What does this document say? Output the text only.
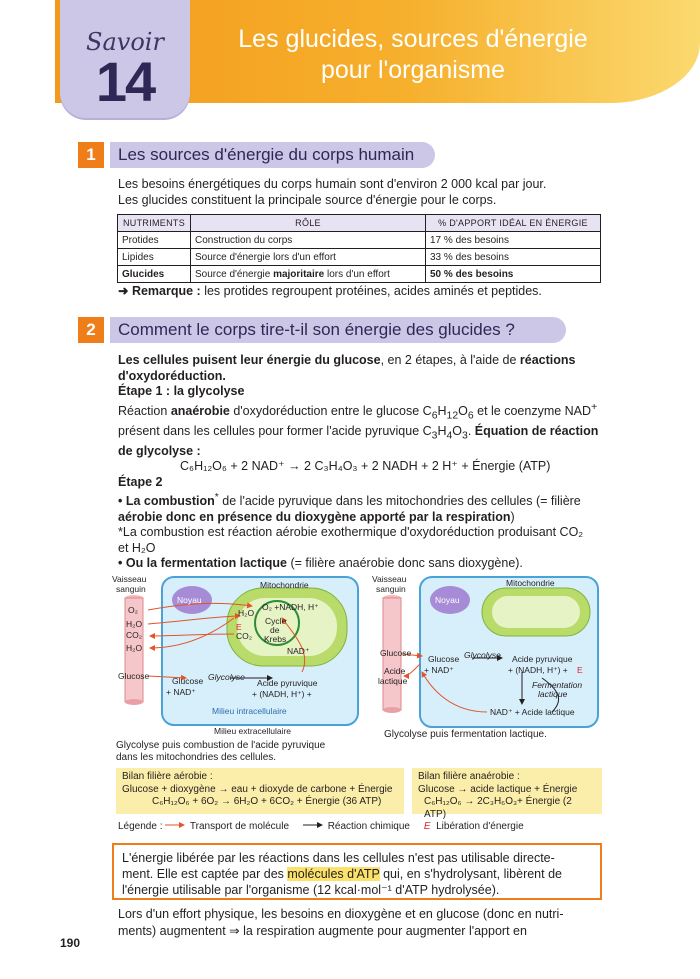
Savoir
14
Les glucides, sources d'énergie
pour l'organisme
1	Les sources d'énergie du corps humain
Les besoins énergétiques du corps humain sont d'environ 2 000 kcal par jour.
Les glucides constituent la principale source d'énergie pour le corps.
NUTRIMENTS	RÔLE	% D'APPORT IDÉAL EN ÉNERGIE
Protides	Construction du corps	17 % des besoins
Lipides	Source d'énergie lors d'un effort	33 % des besoins
Glucides	Source d'énergie majoritaire lors d'un effort	50 % des besoins
➜ Remarque : les protides regroupent protéines, acides aminés et peptides.
2	Comment le corps tire-t-il son énergie des glucides ?
Les cellules puisent leur énergie du glucose, en 2 étapes, à l'aide de réactions d'oxydoréduction.
Étape 1 : la glycolyse
Réaction anaérobie d'oxydoréduction entre le glucose $C_6H_{12}O_6$ et le coenzyme NAD+
présent dans les cellules pour former l'acide pyruvique $C_3H_4O_3$. Équation de réaction
de glycolyse :
C₆H₁₂O₆ + 2 NAD⁺ → 2 C₃H₄O₃ + 2 NADH + 2 H⁺ + Énergie (ATP)
Étape 2
• La combustion* de l'acide pyruvique dans les mitochondries des cellules (= filière
aérobie donc en présence du dioxygène apporté par la respiration)
*La combustion est réaction aérobie exothermique d'oxydoréduction produisant CO₂
et H₂O
• Ou la fermentation lactique (= filière anaérobie donc sans dioxygène).
Vaisseau
sanguin	Mitochondrie
Noyau
O₂
H₂O
CO₂
H₂O
Glucose
H₂O
E
CO₂
O₂ +NADH, H⁺
Cycle
de
Krebs
NAD⁺
Glucose
+ NAD⁺
Glycolyse
Acide pyruvique
+ (NADH, H⁺) +
Milieu intracellulaire
Milieu extracellulaire
Glycolyse puis combustion de l'acide pyruvique
dans les mitochondries des cellules.
Vaisseau
sanguin
Mitochondrie
Noyau
Glucose
Acide
lactique
Glucose
+ NAD⁺
Glycolyse Acide pyruvique
+ (NADH, H⁺) + E
Fermentation
lactique
NAD⁺ + Acide lactique
Glycolyse puis fermentation lactique.
Bilan filière aérobie :
Glucose + dioxygène → eau + dioxyde de carbone + Énergie
C₆H₁₂O₆ + 6O₂ → 6H₂O + 6CO₂ + Énergie (36 ATP)
Bilan filière anaérobie :
Glucose → acide lactique + Énergie
C₆H₁₂O₆ → 2C₃H₆O₃+ Énergie (2 ATP)
Légende :	Transport de molécule → Réaction chimique E Libération d'énergie
L'énergie libérée par les réactions dans les cellules n'est pas utilisable directe-
ment. Elle est captée par des molécules d'ATP qui, en s'hydrolysant, libèrent de
l'énergie utilisable par l'organisme (12 kcal·mol⁻¹ d'ATP hydrolysée).
Lors d'un effort physique, les besoins en dioxygène et en glucose (donc en nutri-
ments) augmentent ⇒ la respiration augmente pour augmenter l'apport en
190
